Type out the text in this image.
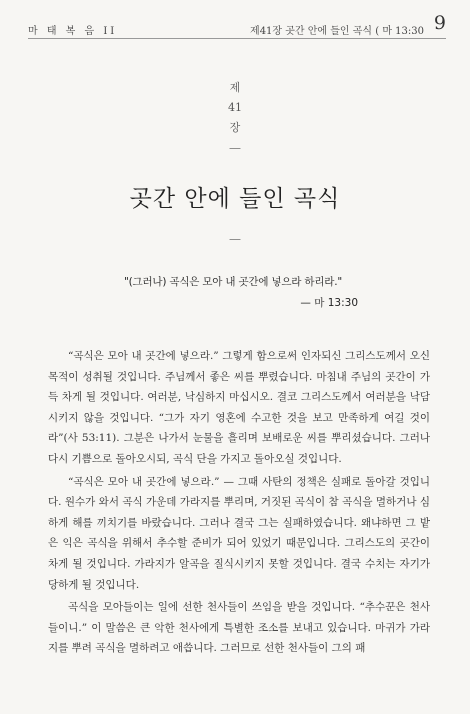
마 태 복 음 II	제41장 곳간 안에 들인 곡식 ( 마 13:30 9
제
41
장
—
곳간 안에 들인 곡식
—
"(그러나) 곡식은 모아 내 곳간에 넣으라 하리라."
— 마 13:30

“곡식은 모아 내 곳간에 넣으라.” 그렇게 함으로써 인자되신 그리스도께서 오신 목적이 성취될 것입니다. 주님께서 좋은 씨를 뿌렸습니다. 마침내 주님의 곳간이 가득 차게 될 것입니다. 여러분, 낙심하지 마십시오. 결코 그리스도께서 여러분을 낙담시키지 않을 것입니다. “그가 자기 영혼에 수고한 것을 보고 만족하게 여길 것이라”(사 53:11). 그분은 나가서 눈물을 흘리며 보배로운 씨를 뿌리셨습니다. 그러나 다시 기쁨으로 돌아오시되, 곡식 단을 가지고 돌아오실 것입니다.

“곡식은 모아 내 곳간에 넣으라.” — 그때 사탄의 정책은 실패로 돌아갈 것입니다. 원수가 와서 곡식 가운데 가라지를 뿌리며, 거짓된 곡식이 참 곡식을 멸하거나 심하게 해를 끼치기를 바랐습니다. 그러나 결국 그는 실패하였습니다. 왜냐하면 그 밭은 익은 곡식을 위해서 추수할 준비가 되어 있었기 때문입니다. 그리스도의 곳간이 차게 될 것입니다. 가라지가 알곡을 질식시키지 못할 것입니다. 결국 수치는 자기가 당하게 될 것입니다.

곡식을 모아들이는 일에 선한 천사들이 쓰임을 받을 것입니다. “추수꾼은 천사들이니.” 이 말씀은 큰 악한 천사에게 특별한 조소를 보내고 있습니다. 마귀가 가라지를 뿌려 곡식을 멸하려고 애씁니다. 그러므로 선한 천사들이 그의 패
